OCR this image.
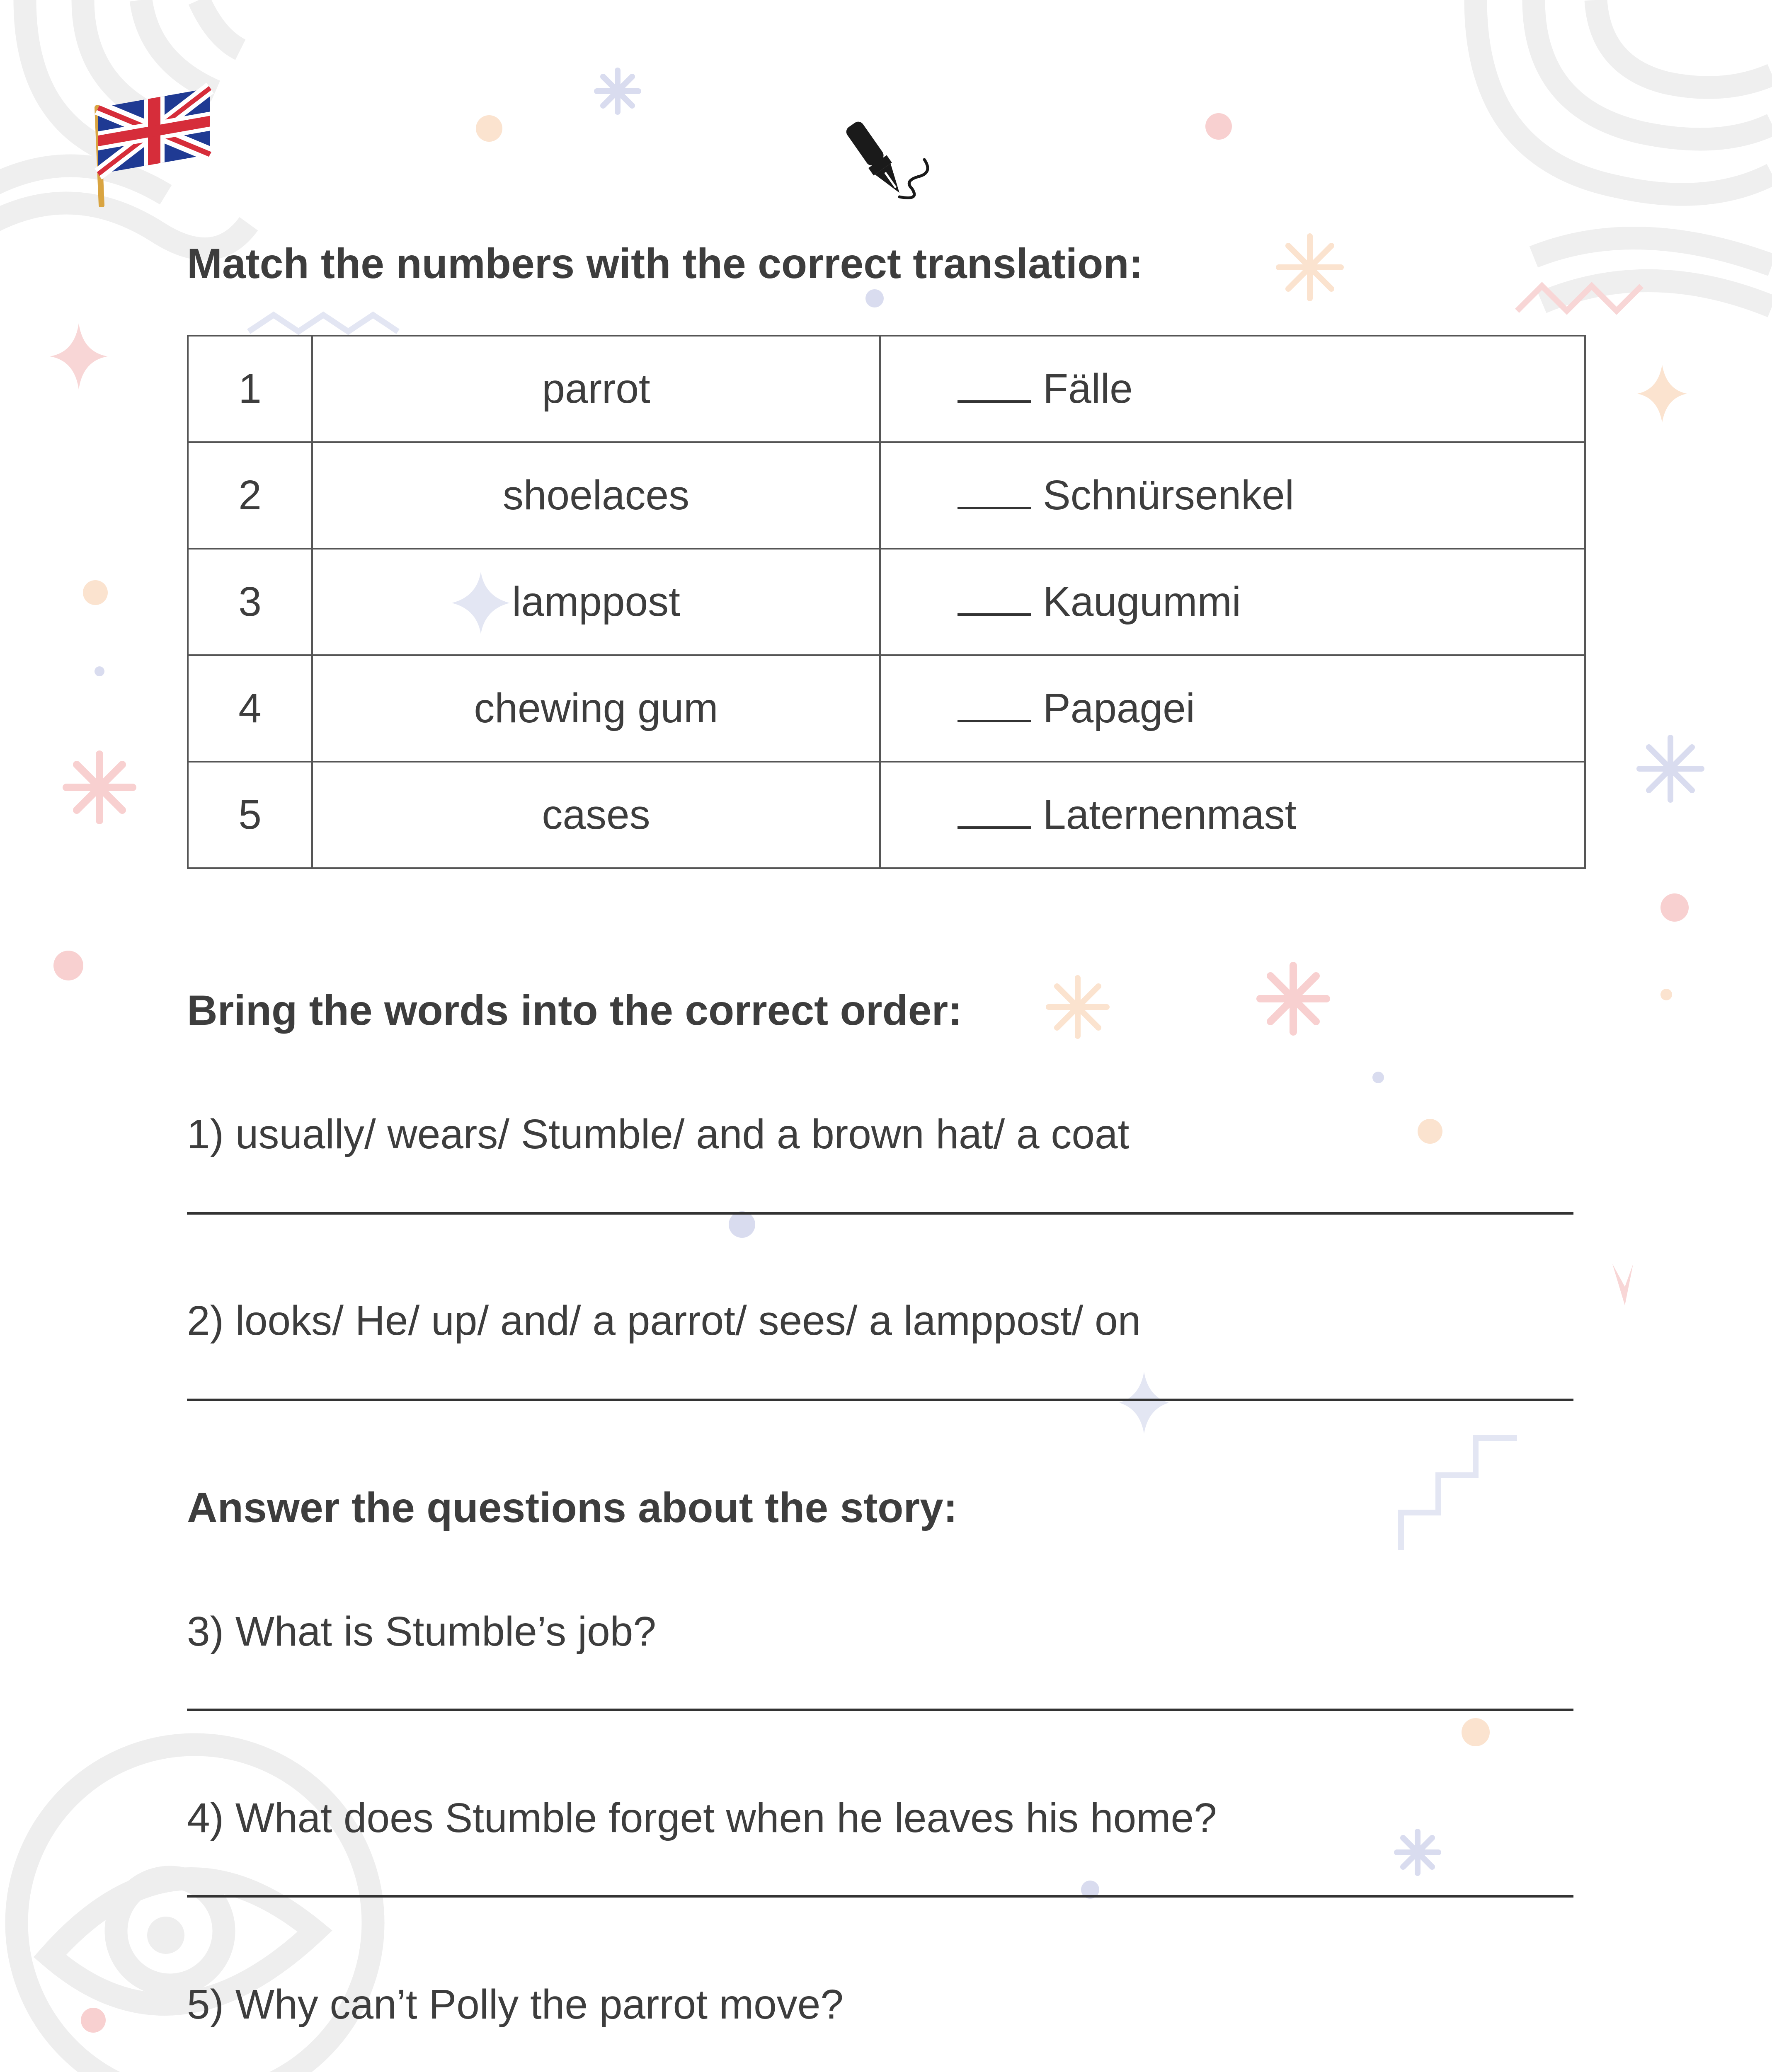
Match the numbers with the correct translation:
1	parrot	Fälle
2	shoelaces	Schnürsenkel
3	lamppost	Kaugummi
4	chewing gum	Papagei
5	cases	Laternenmast
Bring the words into the correct order:
1) usually/ wears/ Stumble/ and a brown hat/ a coat
2) looks/ He/ up/ and/ a parrot/ sees/ a lamppost/ on
Answer the questions about the story:
3) What is Stumble’s job?
4) What does Stumble forget when he leaves his home?
5) Why can’t Polly the parrot move?
